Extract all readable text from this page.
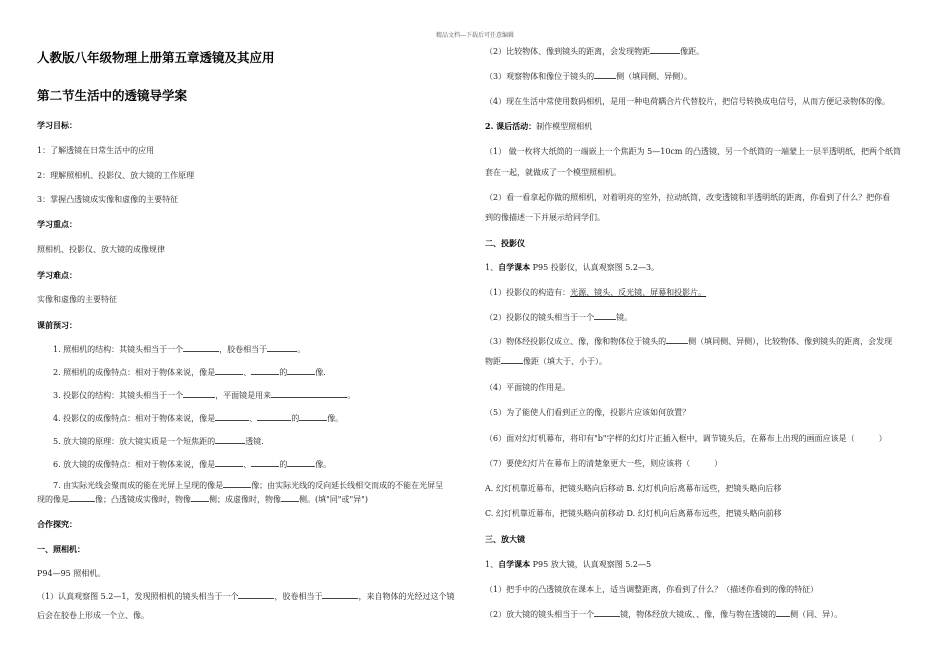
精品文档---下载后可任意编辑
人教版八年级物理上册第五章透镜及其应用
第二节生活中的透镜导学案
学习目标：
1：了解透镜在日常生活中的应用
2：理解照相机、投影仪、放大镜的工作原理
3：掌握凸透镜成实像和虚像的主要特征
学习重点：
照相机、投影仪、放大镜的成像规律
学习难点：
实像和虚像的主要特征
课前预习：
1. 照相机的结构：其镜头相当于一个	，胶卷相当于	。
2. 照相机的成像特点：相对于物体来说，像是	、	的	像.
3. 投影仪的结构：其镜头相当于一个	，平面镜是用来	。
4. 投影仪的成像特点：相对于物体来说，像是	、	的	像。
5. 放大镜的原理：放大镜实质是一个短焦距的	透镜.
6. 放大镜的成像特点：相对于物体来说，像是	、	的	像。
7. 由实际光线会聚而成的能在光屏上呈现的像是	像；由实际光线的反向延长线相交而成的不能在光屏呈
现的像是	像；凸透镜成实像时，物像 侧；成虚像时，物像 侧。(填"同"或"异")
合作探究：
一、照相机：
P94—95 照相机。
（1）认真观察图 5.2—1，发现照相机的镜头相当于一个	，胶卷相当于	，来自物体的光经过这个镜
后会在胶卷上形成一个立、像。
（2）比较物体、像到镜头的距离，会发现物距	像距。
（3）观察物体和像位于镜头的	侧（填同侧、异侧）。
（4）现在生活中常使用数码相机，是用一种电荷耦合片代替胶片，把信号转换成电信号，从而方便记录物体的像。
2. 课后活动：制作模型照相机
（1） 做一枚将大纸筒的一端嵌上一个焦距为 5—10cm 的凸透镜，另一个纸筒的一端蒙上一层半透明纸，把两个纸筒
套在一起，就做成了一个模型照相机。
（2）看一看拿起你做的照相机，对着明亮的室外，拉动纸筒，改变透镜和半透明纸的距离，你看到了什么？把你看
到的像描述一下并展示给同学们。
二、投影仪
1、自学课本 P95 投影仪，认真观察图 5.2—3。
（1）投影仪的构造有：光源、镜头、反光镜、屏幕和投影片。
（2）投影仪的镜头相当于一个	镜。
（3）物体经投影仪成立、像，像和物体位于镜头的	侧（填同侧、异侧），比较物体、像到镜头的距离，会发现
物距	像距（填大于、小于）。
（4）平面镜的作用是。
（5）为了能使人们看到正立的像，投影片应该如何放置？
（6）面对幻灯机幕布，将印有"b"字样的幻灯片正插入框中，调节镜头后，在幕布上出现的画面应该是（　　　）
（7）要使幻灯片在幕布上的清楚象更大一些，则应该将（　　　）
A. 幻灯机靠近幕布，把镜头略向后移动 B. 幻灯机向后离幕布远些，把镜头略向后移
C. 幻灯机靠近幕布，把镜头略向前移动 D. 幻灯机向后离幕布远些，把镜头略向前移
三、放大镜
1、自学课本 P95 放大镜，认真观察图 5.2—5
（1）把手中的凸透镜放在课本上，适当调整距离，你看到了什么？（描述你看到的像的特征）
（2）放大镜的镜头相当于一个	镜，物体经放大镜成、、像，像与物在透镜的 侧（同、异）。
